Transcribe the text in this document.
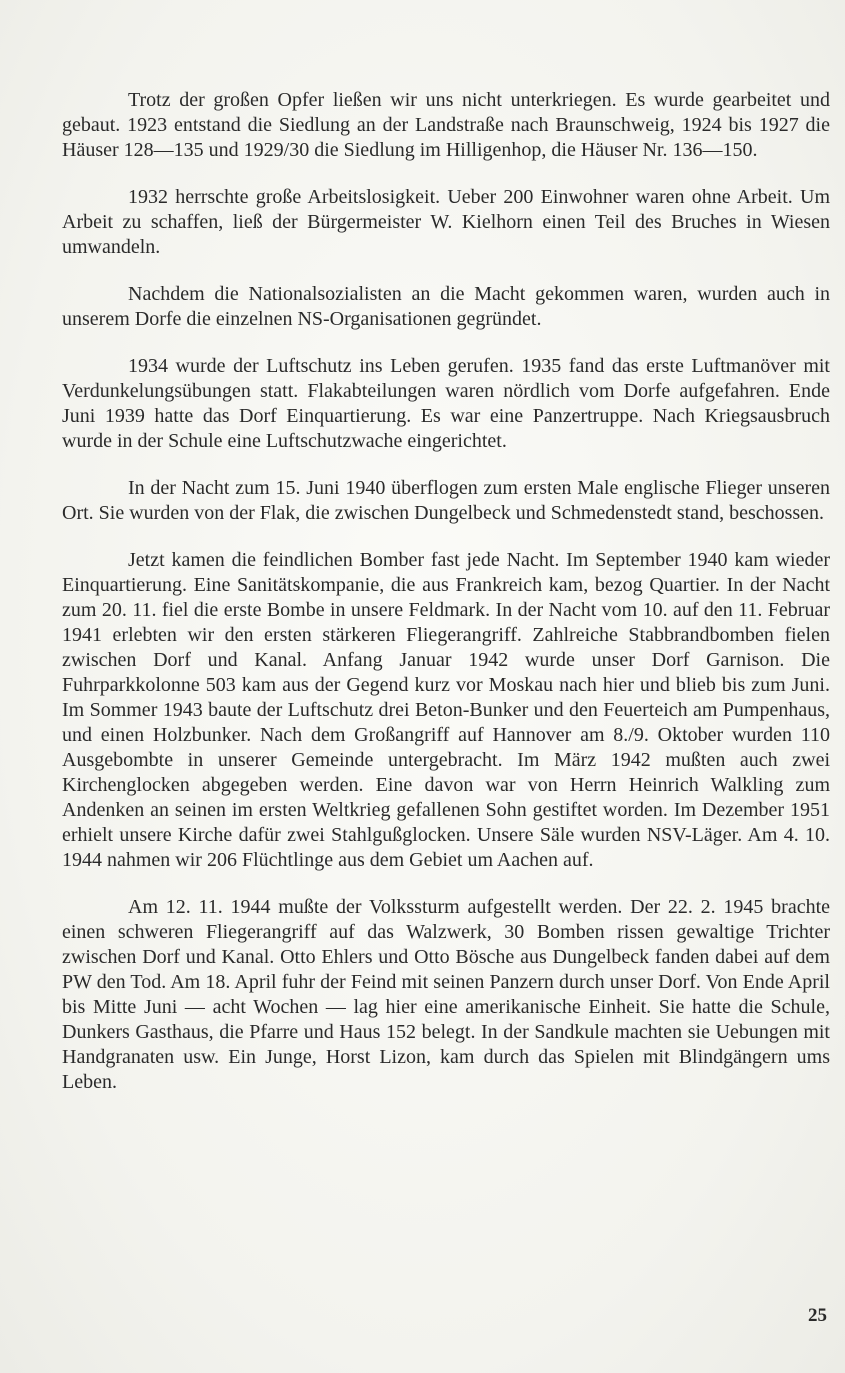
Trotz der großen Opfer ließen wir uns nicht unterkriegen. Es wurde gearbeitet und gebaut. 1923 entstand die Siedlung an der Landstraße nach Braunschweig, 1924 bis 1927 die Häuser 128—135 und 1929/30 die Siedlung im Hilligenhop, die Häuser Nr. 136—150.

1932 herrschte große Arbeitslosigkeit. Ueber 200 Einwohner waren ohne Arbeit. Um Arbeit zu schaffen, ließ der Bürgermeister W. Kielhorn einen Teil des Bruches in Wiesen umwandeln.

Nachdem die Nationalsozialisten an die Macht gekommen waren, wurden auch in unserem Dorfe die einzelnen NS-Organisationen gegründet.

1934 wurde der Luftschutz ins Leben gerufen. 1935 fand das erste Luftmanöver mit Verdunkelungsübungen statt. Flakabteilungen waren nördlich vom Dorfe aufgefahren. Ende Juni 1939 hatte das Dorf Einquartierung. Es war eine Panzertruppe. Nach Kriegsausbruch wurde in der Schule eine Luftschutzwache eingerichtet.

In der Nacht zum 15. Juni 1940 überflogen zum ersten Male englische Flieger unseren Ort. Sie wurden von der Flak, die zwischen Dungelbeck und Schmedenstedt stand, beschossen.

Jetzt kamen die feindlichen Bomber fast jede Nacht. Im September 1940 kam wieder Einquartierung. Eine Sanitätskompanie, die aus Frankreich kam, bezog Quartier. In der Nacht zum 20. 11. fiel die erste Bombe in unsere Feldmark. In der Nacht vom 10. auf den 11. Februar 1941 erlebten wir den ersten stärkeren Fliegerangriff. Zahlreiche Stabbrandbomben fielen zwischen Dorf und Kanal. Anfang Januar 1942 wurde unser Dorf Garnison. Die Fuhrparkkolonne 503 kam aus der Gegend kurz vor Moskau nach hier und blieb bis zum Juni. Im Sommer 1943 baute der Luftschutz drei Beton-Bunker und den Feuerteich am Pumpenhaus, und einen Holzbunker. Nach dem Großangriff auf Hannover am 8./9. Oktober wurden 110 Ausgebombte in unserer Gemeinde untergebracht. Im März 1942 mußten auch zwei Kirchenglocken abgegeben werden. Eine davon war von Herrn Heinrich Walkling zum Andenken an seinen im ersten Weltkrieg gefallenen Sohn gestiftet worden. Im Dezember 1951 erhielt unsere Kirche dafür zwei Stahlgußglocken. Unsere Säle wurden NSV-Läger. Am 4. 10. 1944 nahmen wir 206 Flüchtlinge aus dem Gebiet um Aachen auf.

Am 12. 11. 1944 mußte der Volkssturm aufgestellt werden. Der 22. 2. 1945 brachte einen schweren Fliegerangriff auf das Walzwerk, 30 Bomben rissen gewaltige Trichter zwischen Dorf und Kanal. Otto Ehlers und Otto Bösche aus Dungelbeck fanden dabei auf dem PW den Tod. Am 18. April fuhr der Feind mit seinen Panzern durch unser Dorf. Von Ende April bis Mitte Juni — acht Wochen — lag hier eine amerikanische Einheit. Sie hatte die Schule, Dunkers Gasthaus, die Pfarre und Haus 152 belegt. In der Sandkule machten sie Uebungen mit Handgranaten usw. Ein Junge, Horst Lizon, kam durch das Spielen mit Blindgängern ums Leben.

25
